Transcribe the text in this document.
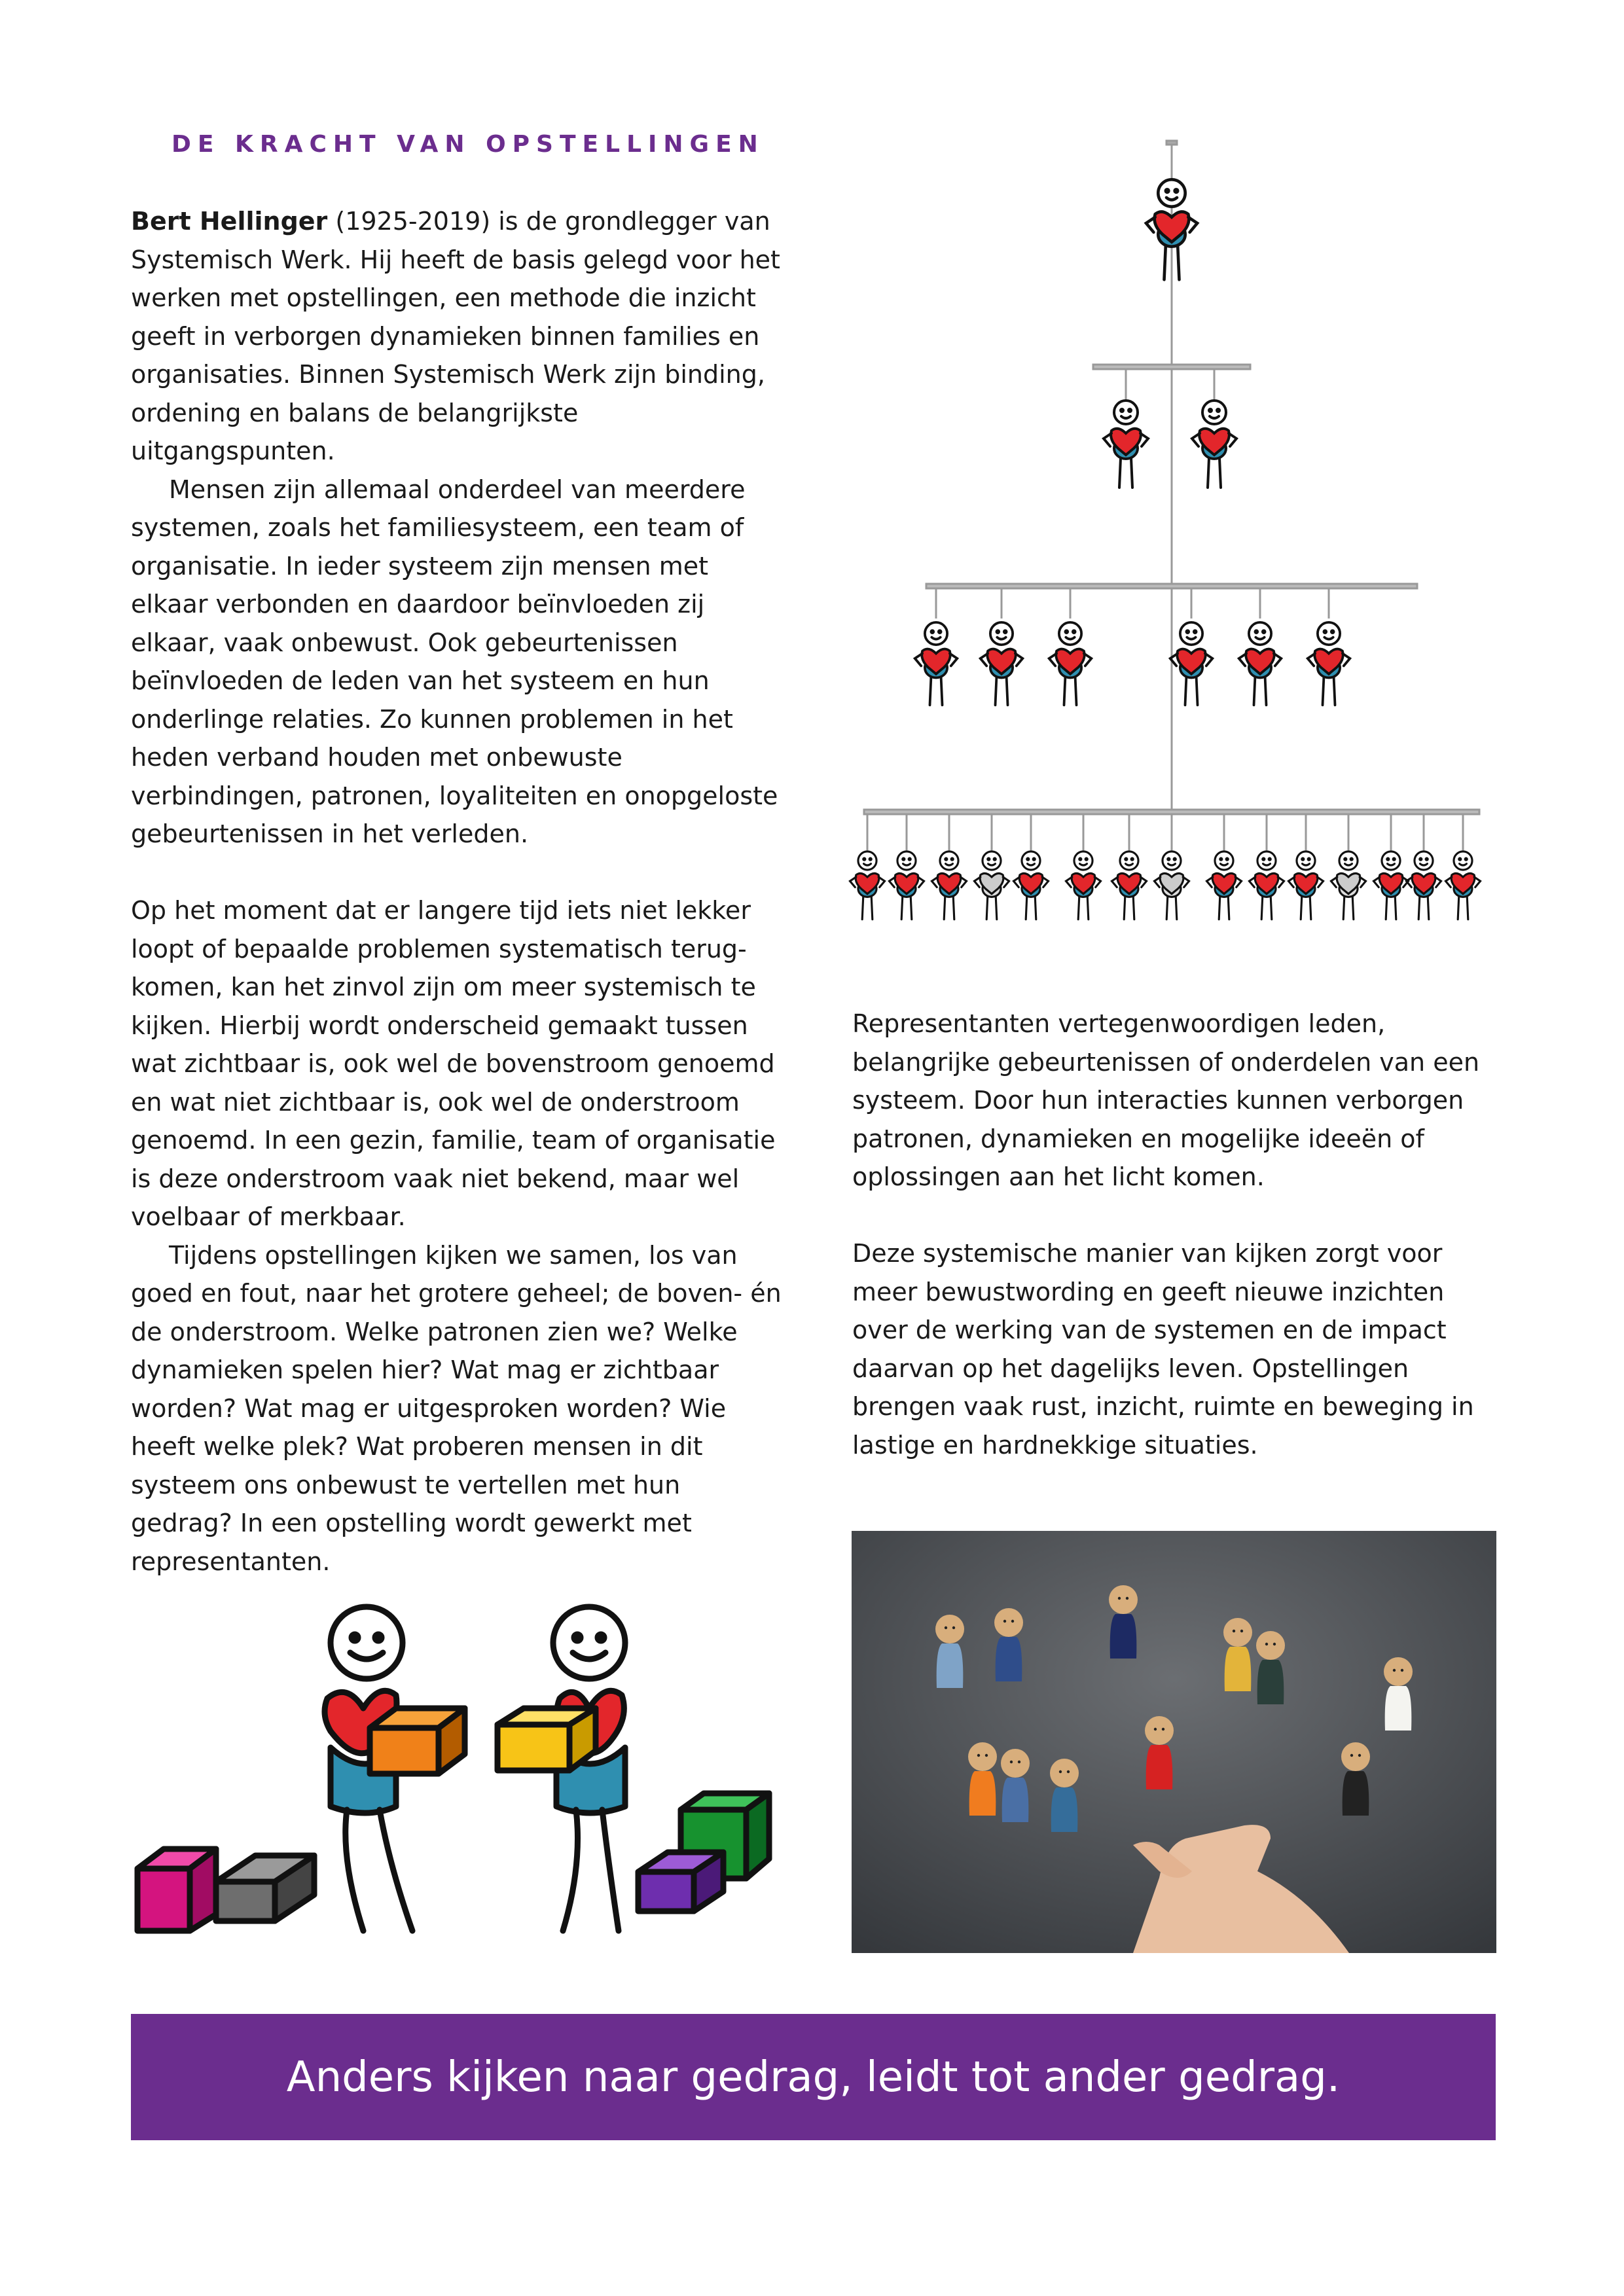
DE KRACHT VAN OPSTELLINGEN

Bert Hellinger (1925-2019) is de grondlegger van Systemisch Werk. Hij heeft de basis gelegd voor het werken met opstellingen, een methode die inzicht geeft in verborgen dynamieken binnen families en organisaties. Binnen Systemisch Werk zijn binding, ordening en balans de belangrijkste uitgangspunten.

Mensen zijn allemaal onderdeel van meerdere systemen, zoals het familiesysteem, een team of organisatie. In ieder systeem zijn mensen met elkaar verbonden en daardoor beïnvloeden zij elkaar, vaak onbewust. Ook gebeurtenissen beïnvloeden de leden van het systeem en hun onderlinge relaties. Zo kunnen problemen in het heden verband houden met onbewuste verbindingen, patronen, loyaliteiten en onopgeloste gebeurtenissen in het verleden.

Op het moment dat er langere tijd iets niet lekker loopt of bepaalde problemen systematisch terug-komen, kan het zinvol zijn om meer systemisch te kijken. Hierbij wordt onderscheid gemaakt tussen wat zichtbaar is, ook wel de bovenstroom genoemd en wat niet zichtbaar is, ook wel de onderstroom genoemd. In een gezin, familie, team of organisatie is deze onderstroom vaak niet bekend, maar wel voelbaar of merkbaar.

Tijdens opstellingen kijken we samen, los van goed en fout, naar het grotere geheel; de boven- én de onderstroom. Welke patronen zien we? Welke dynamieken spelen hier? Wat mag er zichtbaar worden? Wat mag er uitgesproken worden? Wie heeft welke plek? Wat proberen mensen in dit systeem ons onbewust te vertellen met hun gedrag? In een opstelling wordt gewerkt met representanten.

Representanten vertegenwoordigen leden, belangrijke gebeurtenissen of onderdelen van een systeem. Door hun interacties kunnen verborgen patronen, dynamieken en mogelijke ideeën of oplossingen aan het licht komen.

Deze systemische manier van kijken zorgt voor meer bewustwording en geeft nieuwe inzichten over de werking van de systemen en de impact daarvan op het dagelijks leven. Opstellingen brengen vaak rust, inzicht, ruimte en beweging in lastige en hardnekkige situaties.

Anders kijken naar gedrag, leidt tot ander gedrag.
